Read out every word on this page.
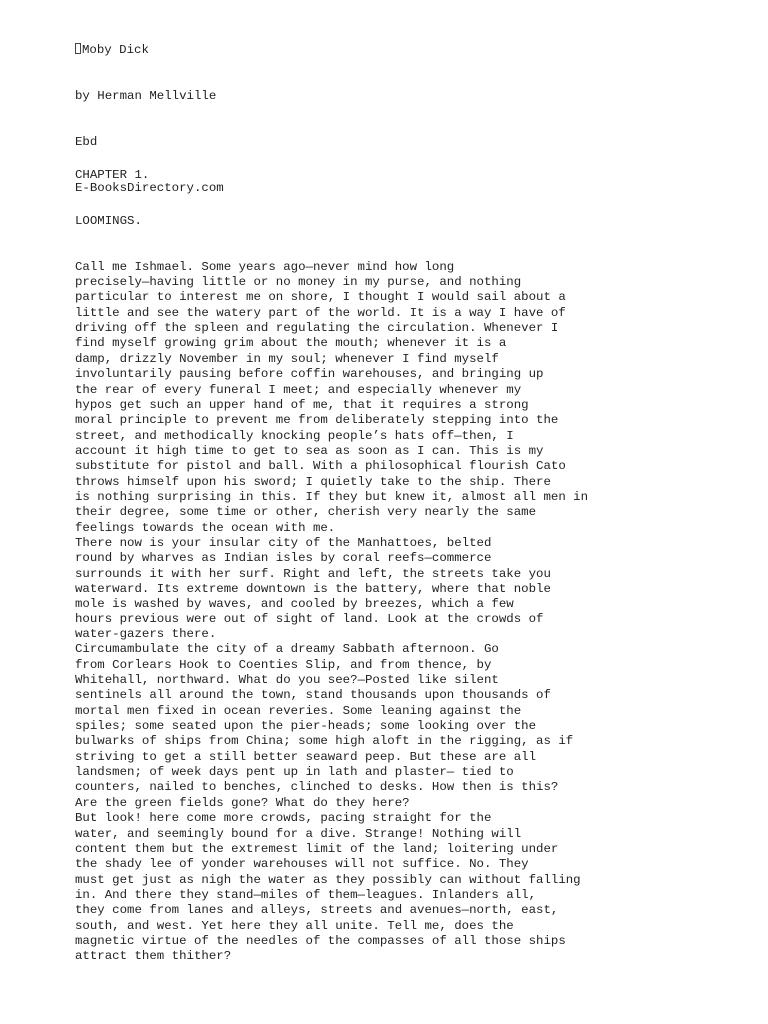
Moby Dick

by Herman Mellville

Ebd

E-BooksDirectory.com

CHAPTER 1.

LOOMINGS.

Call me Ishmael. Some years ago—never mind how long
precisely—having little or no money in my purse, and nothing
particular to interest me on shore, I thought I would sail about a
little and see the watery part of the world. It is a way I have of
driving off the spleen and regulating the circulation. Whenever I
find myself growing grim about the mouth; whenever it is a
damp, drizzly November in my soul; whenever I find myself
involuntarily pausing before coffin warehouses, and bringing up
the rear of every funeral I meet; and especially whenever my
hypos get such an upper hand of me, that it requires a strong
moral principle to prevent me from deliberately stepping into the
street, and methodically knocking people’s hats off—then, I
account it high time to get to sea as soon as I can. This is my
substitute for pistol and ball. With a philosophical flourish Cato
throws himself upon his sword; I quietly take to the ship. There
is nothing surprising in this. If they but knew it, almost all men in
their degree, some time or other, cherish very nearly the same
feelings towards the ocean with me.
There now is your insular city of the Manhattoes, belted
round by wharves as Indian isles by coral reefs—commerce
surrounds it with her surf. Right and left, the streets take you
waterward. Its extreme downtown is the battery, where that noble
mole is washed by waves, and cooled by breezes, which a few

hours previous were out of sight of land. Look at the crowds of
water-gazers there.
Circumambulate the city of a dreamy Sabbath afternoon. Go
from Corlears Hook to Coenties Slip, and from thence, by
Whitehall, northward. What do you see?—Posted like silent
sentinels all around the town, stand thousands upon thousands of
mortal men fixed in ocean reveries. Some leaning against the
spiles; some seated upon the pier-heads; some looking over the
bulwarks of ships from China; some high aloft in the rigging, as if
striving to get a still better seaward peep. But these are all
landsmen; of week days pent up in lath and plaster— tied to
counters, nailed to benches, clinched to desks. How then is this?
Are the green fields gone? What do they here?
But look! here come more crowds, pacing straight for the
water, and seemingly bound for a dive. Strange! Nothing will
content them but the extremest limit of the land; loitering under
the shady lee of yonder warehouses will not suffice. No. They
must get just as nigh the water as they possibly can without falling
in. And there they stand—miles of them—leagues. Inlanders all,
they come from lanes and alleys, streets and avenues—north, east,
south, and west. Yet here they all unite. Tell me, does the
magnetic virtue of the needles of the compasses of all those ships
attract them thither?
